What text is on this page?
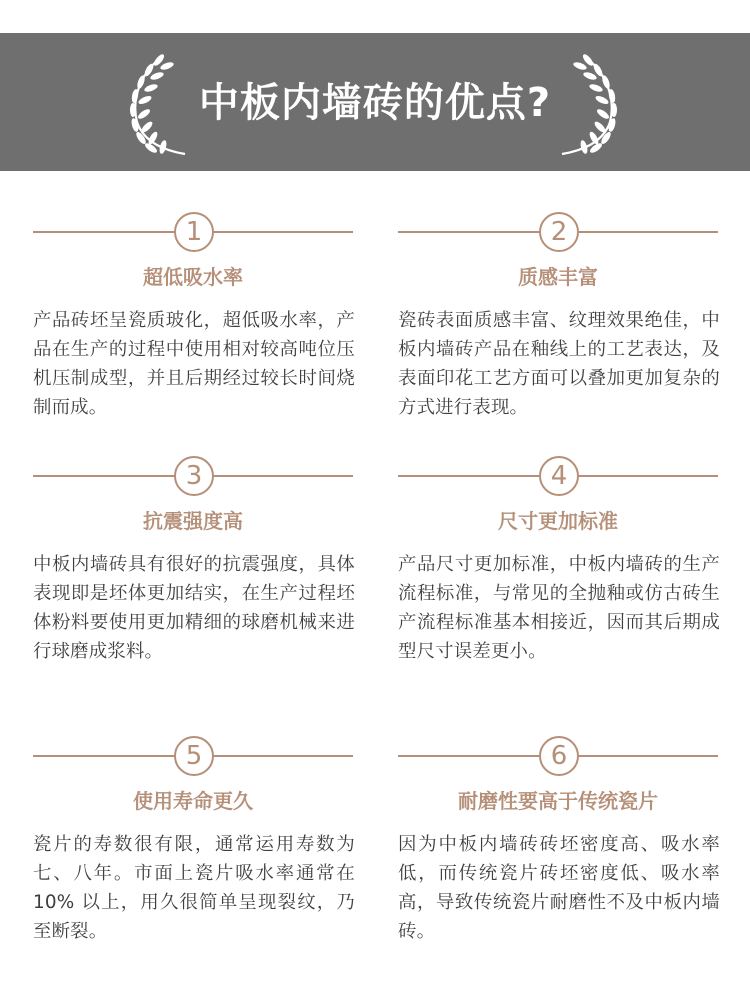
中板内墙砖的优点?
1
超低吸水率
产品砖坯呈瓷质玻化，超低吸水率，产品在生产的过程中使用相对较高吨位压机压制成型，并且后期经过较长时间烧制而成。
2
质感丰富
瓷砖表面质感丰富、纹理效果绝佳，中板内墙砖产品在釉线上的工艺表达，及表面印花工艺方面可以叠加更加复杂的方式进行表现。
3
抗震强度高
中板内墙砖具有很好的抗震强度，具体表现即是坯体更加结实，在生产过程坯体粉料要使用更加精细的球磨机械来进行球磨成浆料。
4
尺寸更加标准
产品尺寸更加标准，中板内墙砖的生产流程标准，与常见的全抛釉或仿古砖生产流程标准基本相接近，因而其后期成型尺寸误差更小。
5
使用寿命更久
瓷片的寿数很有限，通常运用寿数为七、八年。市面上瓷片吸水率通常在 10% 以上，用久很简单呈现裂纹，乃至断裂。
6
耐磨性要高于传统瓷片
因为中板内墙砖砖坯密度高、吸水率低，而传统瓷片砖坯密度低、吸水率高，导致传统瓷片耐磨性不及中板内墙砖。
